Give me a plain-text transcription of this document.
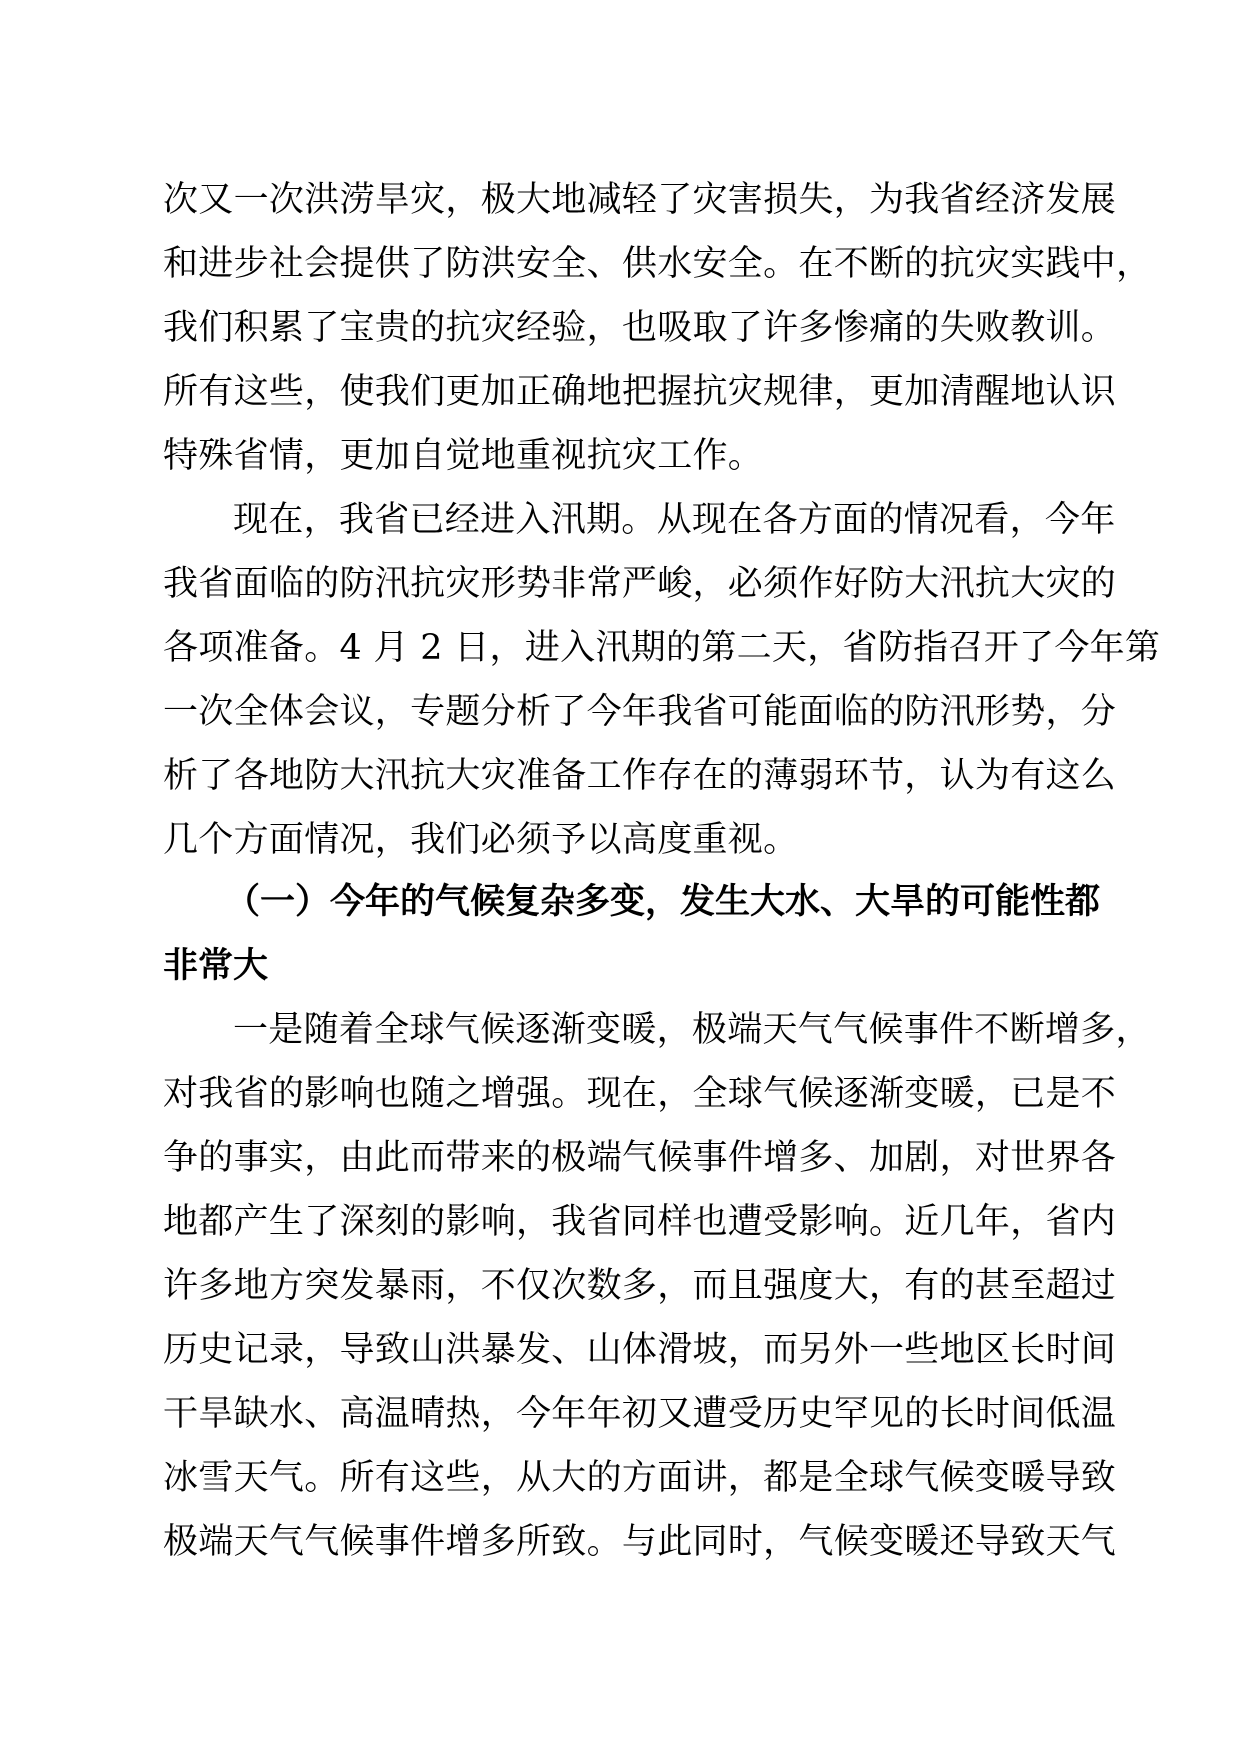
次又一次洪涝旱灾，极大地减轻了灾害损失，为我省经济发展
和进步社会提供了防洪安全、供水安全。在不断的抗灾实践中，
我们积累了宝贵的抗灾经验，也吸取了许多惨痛的失败教训。
所有这些，使我们更加正确地把握抗灾规律，更加清醒地认识
特殊省情，更加自觉地重视抗灾工作。
现在，我省已经进入汛期。从现在各方面的情况看，今年
我省面临的防汛抗灾形势非常严峻，必须作好防大汛抗大灾的
各项准备。4 月 2 日，进入汛期的第二天，省防指召开了今年第
一次全体会议，专题分析了今年我省可能面临的防汛形势，分
析了各地防大汛抗大灾准备工作存在的薄弱环节，认为有这么
几个方面情况，我们必须予以高度重视。
（一）今年的气候复杂多变，发生大水、大旱的可能性都
非常大
一是随着全球气候逐渐变暖，极端天气气候事件不断增多，
对我省的影响也随之增强。现在，全球气候逐渐变暖，已是不
争的事实，由此而带来的极端气候事件增多、加剧，对世界各
地都产生了深刻的影响，我省同样也遭受影响。近几年，省内
许多地方突发暴雨，不仅次数多，而且强度大，有的甚至超过
历史记录，导致山洪暴发、山体滑坡，而另外一些地区长时间
干旱缺水、高温晴热，今年年初又遭受历史罕见的长时间低温
冰雪天气。所有这些，从大的方面讲，都是全球气候变暖导致
极端天气气候事件增多所致。与此同时，气候变暖还导致天气
